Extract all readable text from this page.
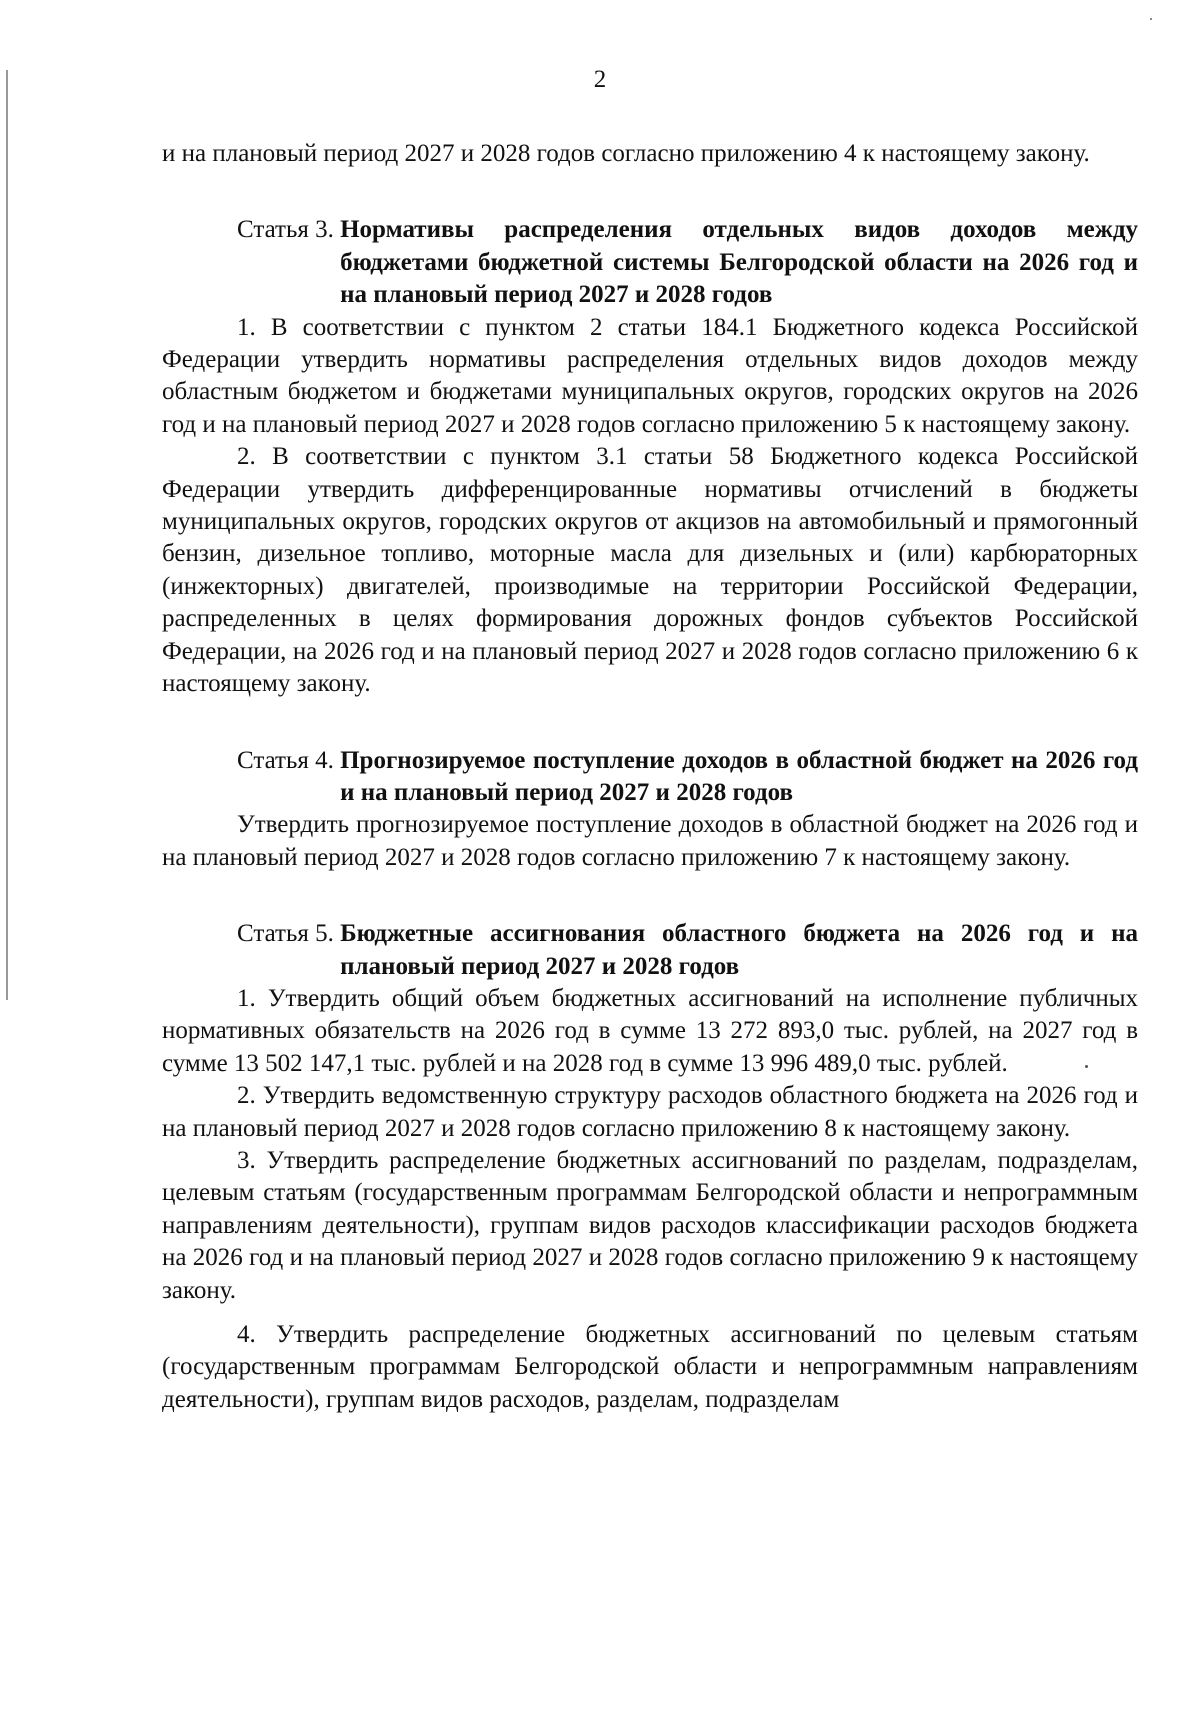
2

и на плановый период 2027 и 2028 годов согласно приложению 4 к настоящему закону.

Статья 3. Нормативы распределения отдельных видов доходов между бюджетами бюджетной системы Белгородской области на 2026 год и на плановый период 2027 и 2028 годов

1. В соответствии с пунктом 2 статьи 184.1 Бюджетного кодекса Российской Федерации утвердить нормативы распределения отдельных видов доходов между областным бюджетом и бюджетами муниципальных округов, городских округов на 2026 год и на плановый период 2027 и 2028 годов согласно приложению 5 к настоящему закону.

2. В соответствии с пунктом 3.1 статьи 58 Бюджетного кодекса Российской Федерации утвердить дифференцированные нормативы отчислений в бюджеты муниципальных округов, городских округов от акцизов на автомобильный и прямогонный бензин, дизельное топливо, моторные масла для дизельных и (или) карбюраторных (инжекторных) двигателей, производимые на территории Российской Федерации, распределенных в целях формирования дорожных фондов субъектов Российской Федерации, на 2026 год и на плановый период 2027 и 2028 годов согласно приложению 6 к настоящему закону.

Статья 4. Прогнозируемое поступление доходов в областной бюджет на 2026 год и на плановый период 2027 и 2028 годов

Утвердить прогнозируемое поступление доходов в областной бюджет на 2026 год и на плановый период 2027 и 2028 годов согласно приложению 7 к настоящему закону.

Статья 5. Бюджетные ассигнования областного бюджета на 2026 год и на плановый период 2027 и 2028 годов

1. Утвердить общий объем бюджетных ассигнований на исполнение публичных нормативных обязательств на 2026 год в сумме 13 272 893,0 тыс. рублей, на 2027 год в сумме 13 502 147,1 тыс. рублей и на 2028 год в сумме 13 996 489,0 тыс. рублей.

2. Утвердить ведомственную структуру расходов областного бюджета на 2026 год и на плановый период 2027 и 2028 годов согласно приложению 8 к настоящему закону.

3. Утвердить распределение бюджетных ассигнований по разделам, подразделам, целевым статьям (государственным программам Белгородской области и непрограммным направлениям деятельности), группам видов расходов классификации расходов бюджета на 2026 год и на плановый период 2027 и 2028 годов согласно приложению 9 к настоящему закону.

4. Утвердить распределение бюджетных ассигнований по целевым статьям (государственным программам Белгородской области и непрограммным направлениям деятельности), группам видов расходов, разделам, подразделам
